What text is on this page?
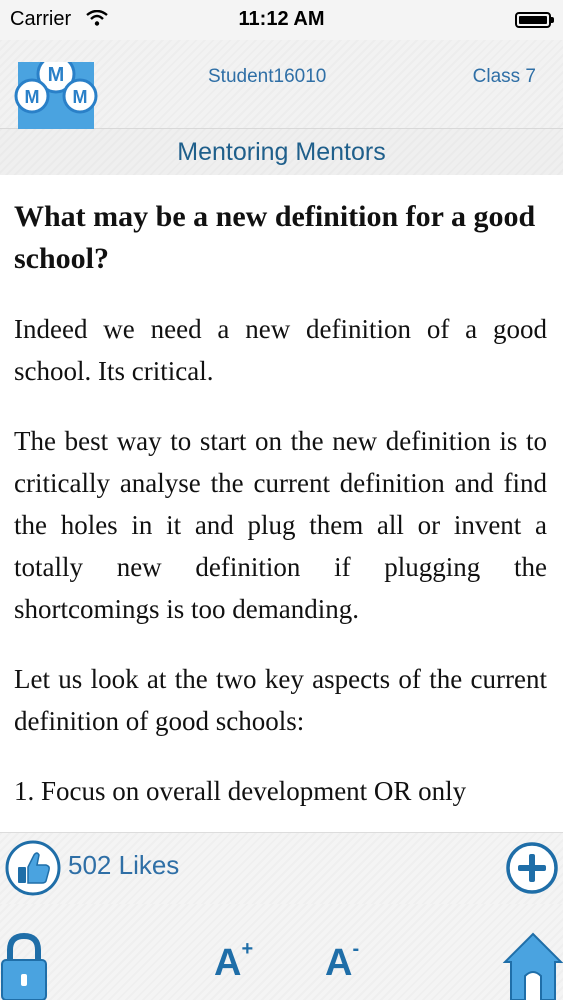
Carrier	11:12 AM
M
M M
Student16010	Class 7
Mentoring Mentors
What may be a new definition for a good school?

Indeed we need a new definition of a good school. Its critical.

The best way to start on the new definition is to critically analyse the current definition and find the holes in it and plug them all or invent a totally new definition if plugging the shortcomings is too demanding.

Let us look at the two key aspects of the current definition of good schools:

1. Focus on overall development OR only

502 Likes
A+ A-
